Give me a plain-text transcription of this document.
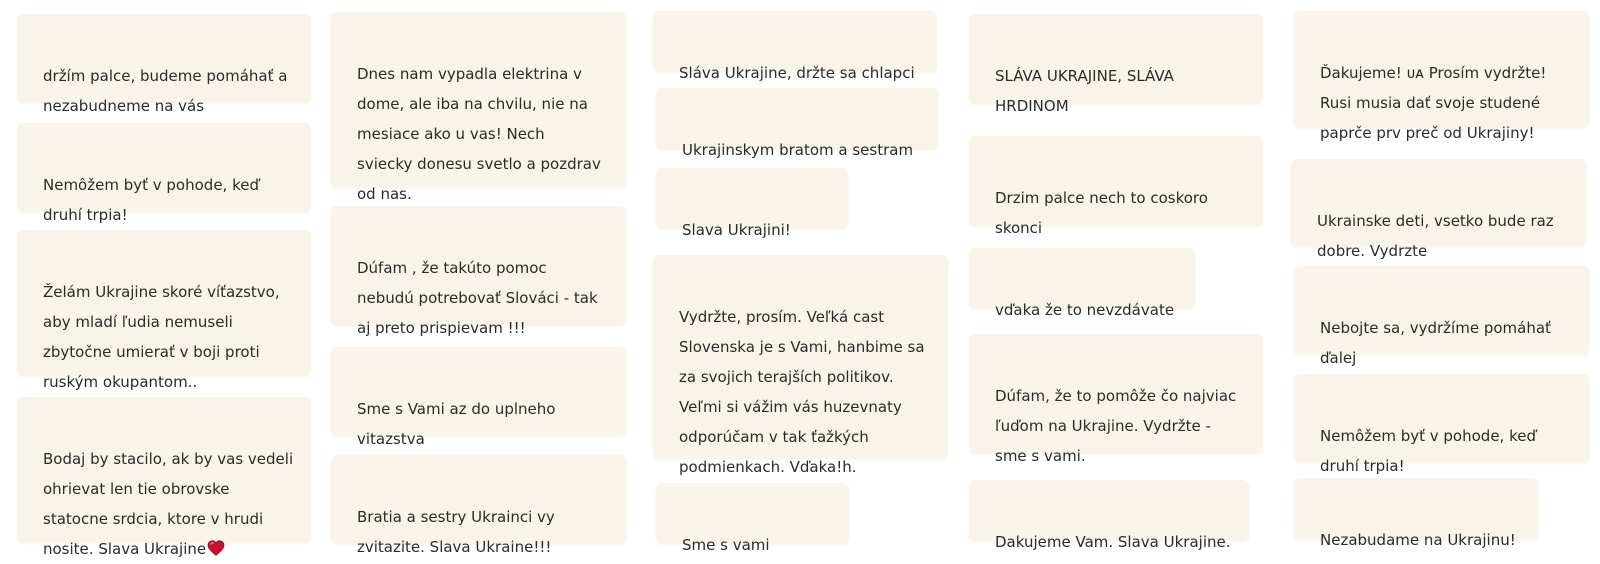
držím palce, budeme pomáhať a
nezabudneme na vás

Nemôžem byť v pohode, keď
druhí trpia!

Želám Ukrajine skoré víťazstvo,
aby mladí ľudia nemuseli
zbytočne umierať v boji proti
ruským okupantom..

Bodaj by stacilo, ak by vas vedeli
ohrievat len tie obrovske
statocne srdcia, ktore v hrudi
nosite. Slava Ukrajine

Dnes nam vypadla elektrina v
dome, ale iba na chvilu, nie na
mesiace ako u vas! Nech
sviecky donesu svetlo a pozdrav
od nas.

Dúfam , že takúto pomoc
nebudú potrebovať Slováci - tak
aj preto prispievam !!!

Sme s Vami az do uplneho
vitazstva

Bratia a sestry Ukrainci vy
zvitazite. Slava Ukraine!!!

Sláva Ukrajine, držte sa chlapci

Ukrajinskym bratom a sestram

Slava Ukrajini!

Vydržte, prosím. Veľká cast
Slovenska je s Vami, hanbime sa
za svojich terajších politikov.
Veľmi si vážim vás huzevnaty
odporúčam v tak ťažkých
podmienkach. Vďaka!h.

Sme s vami

SLÁVA UKRAJINE, SLÁVA
HRDINOM

Drzim palce nech to coskoro
skonci

vďaka že to nevzdávate

Dúfam, že to pomôže čo najviac
ľuďom na Ukrajine. Vydržte -
sme s vami.

Dakujeme Vam. Slava Ukrajine.

Ďakujeme! ᴜᴀ Prosím vydržte!
Rusi musia dať svoje studené
paprče prv preč od Ukrajiny!

Ukrainske deti, vsetko bude raz
dobre. Vydrzte

Nebojte sa, vydržíme pomáhať
ďalej

Nemôžem byť v pohode, keď
druhí trpia!

Nezabudame na Ukrajinu!
